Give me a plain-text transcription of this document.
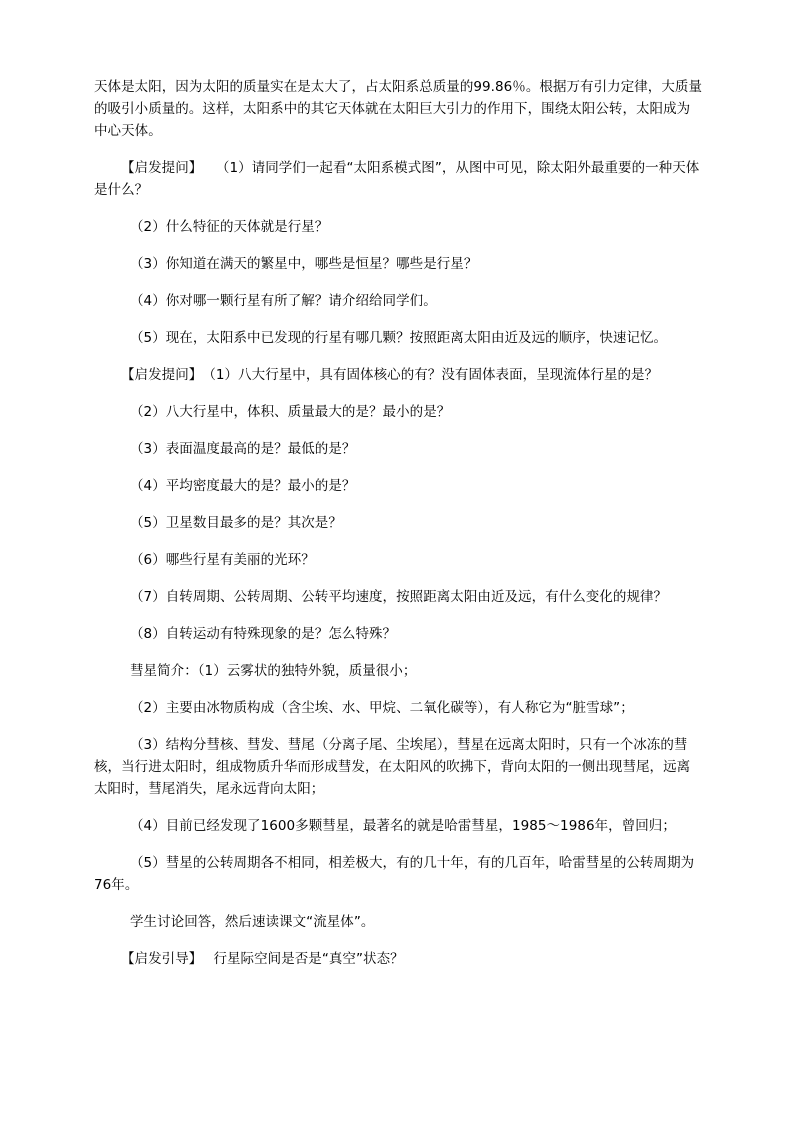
天体是太阳，因为太阳的质量实在是太大了，占太阳系总质量的99.86％。根据万有引力定律，大质量的吸引小质量的。这样，太阳系中的其它天体就在太阳巨大引力的作用下，围绕太阳公转，太阳成为中心天体。

【启发提问】　　（1）请同学们一起看“太阳系模式图”，从图中可见，除太阳外最重要的一种天体是什么？

（2）什么特征的天体就是行星？

（3）你知道在满天的繁星中，哪些是恒星？哪些是行星？

（4）你对哪一颗行星有所了解？请介绍给同学们。

（5）现在，太阳系中已发现的行星有哪几颗？按照距离太阳由近及远的顺序，快速记忆。

【启发提问】　（1）八大行星中，具有固体核心的有？没有固体表面，呈现流体行星的是？

（2）八大行星中，体积、质量最大的是？最小的是？

（3）表面温度最高的是？最低的是？

（4）平均密度最大的是？最小的是？

（5）卫星数目最多的是？其次是？

（6）哪些行星有美丽的光环？

（7）自转周期、公转周期、公转平均速度，按照距离太阳由近及远，有什么变化的规律？

（8）自转运动有特殊现象的是？怎么特殊？

彗星简介：（1）云雾状的独特外貌，质量很小；

（2）主要由冰物质构成（含尘埃、水、甲烷、二氧化碳等），有人称它为“脏雪球”；

（3）结构分彗核、彗发、彗尾（分离子尾、尘埃尾），彗星在远离太阳时，只有一个冰冻的彗核，当行进太阳时，组成物质升华而形成彗发，在太阳风的吹拂下，背向太阳的一侧出现彗尾，远离太阳时，彗尾消失，尾永远背向太阳；

（4）目前已经发现了1600多颗彗星，最著名的就是哈雷彗星，1985～1986年，曾回归；

（5）彗星的公转周期各不相同，相差极大，有的几十年，有的几百年，哈雷彗星的公转周期为76年。

学生讨论回答，然后速读课文“流星体”。

【启发引导】　 行星际空间是否是“真空”状态？
